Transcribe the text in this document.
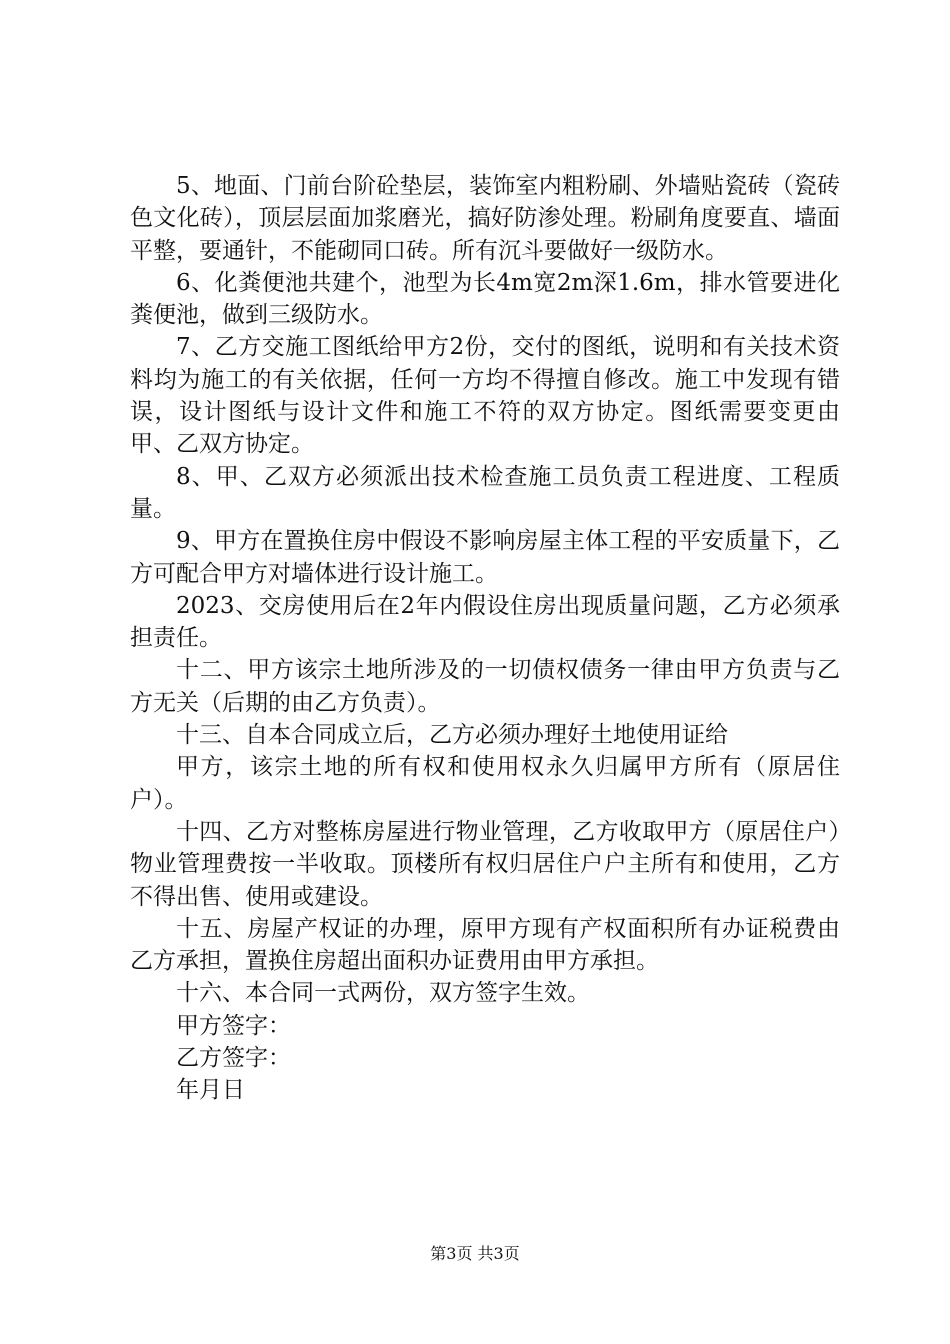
5、地面、门前台阶砼垫层，装饰室内粗粉刷、外墙贴瓷砖（瓷砖色文化砖），顶层层面加浆磨光，搞好防渗处理。粉刷角度要直、墙面平整，要通针，不能砌同口砖。所有沉斗要做好一级防水。

6、化粪便池共建个，池型为长4m宽2m深1.6m，排水管要进化粪便池，做到三级防水。

7、乙方交施工图纸给甲方2份，交付的图纸，说明和有关技术资料均为施工的有关依据，任何一方均不得擅自修改。施工中发现有错误，设计图纸与设计文件和施工不符的双方协定。图纸需要变更由甲、乙双方协定。

8、甲、乙双方必须派出技术检查施工员负责工程进度、工程质量。

9、甲方在置换住房中假设不影响房屋主体工程的平安质量下，乙方可配合甲方对墙体进行设计施工。

2023、交房使用后在2年内假设住房出现质量问题，乙方必须承担责任。

十二、甲方该宗土地所涉及的一切债权债务一律由甲方负责与乙方无关（后期的由乙方负责）。

十三、自本合同成立后，乙方必须办理好土地使用证给

甲方，该宗土地的所有权和使用权永久归属甲方所有（原居住户）。

十四、乙方对整栋房屋进行物业管理，乙方收取甲方（原居住户）物业管理费按一半收取。顶楼所有权归居住户户主所有和使用，乙方不得出售、使用或建设。

十五、房屋产权证的办理，原甲方现有产权面积所有办证税费由乙方承担，置换住房超出面积办证费用由甲方承担。

十六、本合同一式两份，双方签字生效。

甲方签字：

乙方签字：

年月日

第3页 共3页
